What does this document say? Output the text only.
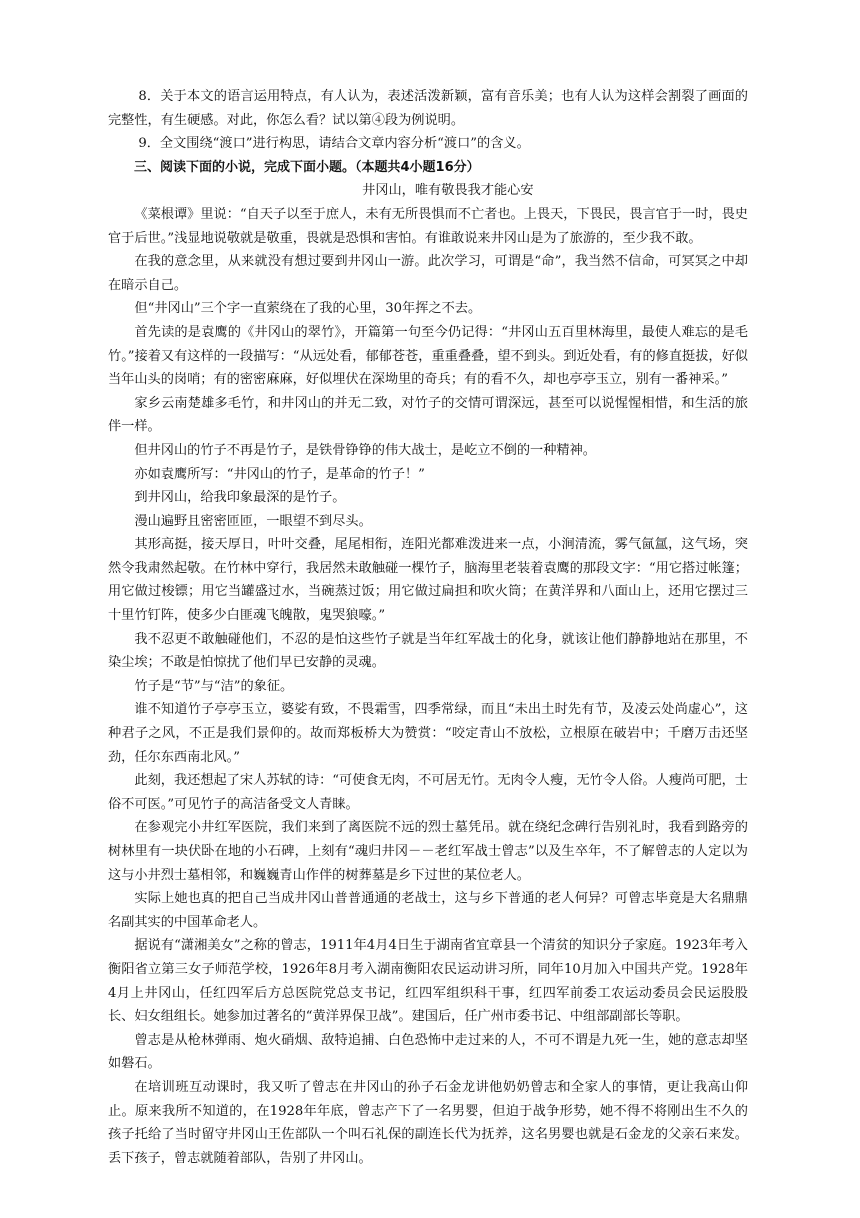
8．关于本文的语言运用特点，有人认为，表述活泼新颖，富有音乐美；也有人认为这样会割裂了画面的完整性，有生硬感。对此，你怎么看？试以第④段为例说明。

9．全文围绕“渡口”进行构思，请结合文章内容分析“渡口”的含义。

三、阅读下面的小说，完成下面小题。（本题共4小题16分）

井冈山，唯有敬畏我才能心安

《菜根谭》里说：“自天子以至于庶人，未有无所畏惧而不亡者也。上畏天，下畏民，畏言官于一时，畏史官于后世。”浅显地说敬就是敬重，畏就是恐惧和害怕。有谁敢说来井冈山是为了旅游的，至少我不敢。

在我的意念里，从来就没有想过要到井冈山一游。此次学习，可谓是“命”，我当然不信命，可冥冥之中却在暗示自己。

但“井冈山”三个字一直萦绕在了我的心里，30年挥之不去。

首先读的是袁鹰的《井冈山的翠竹》，开篇第一句至今仍记得：“井冈山五百里林海里，最使人难忘的是毛竹。”接着又有这样的一段描写：“从远处看，郁郁苍苍，重重叠叠，望不到头。到近处看，有的修直挺拔，好似当年山头的岗哨；有的密密麻麻，好似埋伏在深坳里的奇兵；有的看不久，却也亭亭玉立，别有一番神采。”

家乡云南楚雄多毛竹，和井冈山的并无二致，对竹子的交情可谓深远，甚至可以说惺惺相惜，和生活的旅伴一样。

但井冈山的竹子不再是竹子，是铁骨铮铮的伟大战士，是屹立不倒的一种精神。

亦如袁鹰所写：“井冈山的竹子，是革命的竹子！”

到井冈山，给我印象最深的是竹子。

漫山遍野且密密匝匝，一眼望不到尽头。

其形高挺，接天厚日，叶叶交叠，尾尾相衔，连阳光都难泼进来一点，小涧清流，雾气氤氲，这气场，突然令我肃然起敬。在竹林中穿行，我居然未敢触碰一棵竹子，脑海里老装着袁鹰的那段文字：“用它搭过帐篷；用它做过梭镖；用它当罐盛过水，当碗蒸过饭；用它做过扁担和吹火筒；在黄洋界和八面山上，还用它摆过三十里竹钉阵，使多少白匪魂飞魄散，鬼哭狼嚎。”

我不忍更不敢触碰他们，不忍的是怕这些竹子就是当年红军战士的化身，就该让他们静静地站在那里，不染尘埃；不敢是怕惊扰了他们早已安静的灵魂。

竹子是“节”与“洁”的象征。

谁不知道竹子亭亭玉立，婆娑有致，不畏霜雪，四季常绿，而且“未出土时先有节，及凌云处尚虚心”，这种君子之风，不正是我们景仰的。故而郑板桥大为赞赏：“咬定青山不放松，立根原在破岩中；千磨万击还坚劲，任尔东西南北风。”

此刻，我还想起了宋人苏轼的诗：“可使食无肉，不可居无竹。无肉令人瘦，无竹令人俗。人瘦尚可肥，士俗不可医。”可见竹子的高洁备受文人青睐。

在参观完小井红军医院，我们来到了离医院不远的烈士墓凭吊。就在绕纪念碑行告别礼时，我看到路旁的树林里有一块伏卧在地的小石碑，上刻有“魂归井冈－－老红军战士曾志”以及生卒年，不了解曾志的人定以为这与小井烈士墓相邻，和巍巍青山作伴的树葬墓是乡下过世的某位老人。

实际上她也真的把自己当成井冈山普普通通的老战士，这与乡下普通的老人何异？可曾志毕竟是大名鼎鼎名副其实的中国革命老人。

据说有“潇湘美女”之称的曾志，1911年4月4日生于湖南省宜章县一个清贫的知识分子家庭。1923年考入衡阳省立第三女子师范学校，1926年8月考入湖南衡阳农民运动讲习所，同年10月加入中国共产党。1928年4月上井冈山，任红四军后方总医院党总支书记，红四军组织科干事，红四军前委工农运动委员会民运股股长、妇女组组长。她参加过著名的“黄洋界保卫战”。建国后，任广州市委书记、中组部副部长等职。

曾志是从枪林弹雨、炮火硝烟、敌特追捕、白色恐怖中走过来的人，不可不谓是九死一生，她的意志却坚如磐石。

在培训班互动课时，我又听了曾志在井冈山的孙子石金龙讲他奶奶曾志和全家人的事情，更让我高山仰止。原来我所不知道的，在1928年年底，曾志产下了一名男婴，但迫于战争形势，她不得不将刚出生不久的孩子托给了当时留守井冈山王佐部队一个叫石礼保的副连长代为抚养，这名男婴也就是石金龙的父亲石来发。丢下孩子，曾志就随着部队，告别了井冈山。
